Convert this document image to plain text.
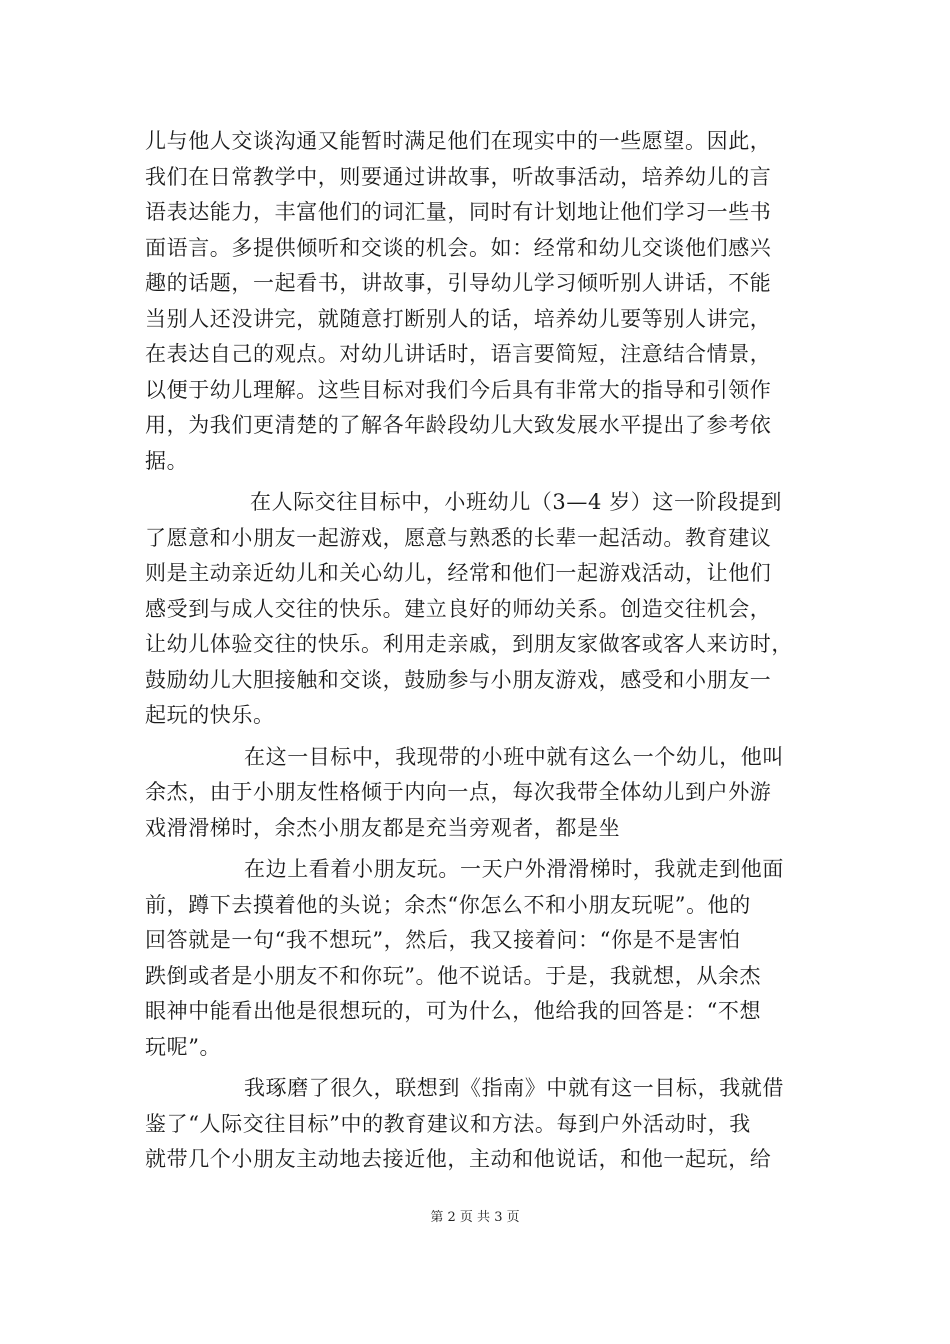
儿与他人交谈沟通又能暂时满足他们在现实中的一些愿望。因此，
我们在日常教学中，则要通过讲故事，听故事活动，培养幼儿的言
语表达能力，丰富他们的词汇量，同时有计划地让他们学习一些书
面语言。多提供倾听和交谈的机会。如：经常和幼儿交谈他们感兴
趣的话题，一起看书，讲故事，引导幼儿学习倾听别人讲话，不能
当别人还没讲完，就随意打断别人的话，培养幼儿要等别人讲完，
在表达自己的观点。对幼儿讲话时，语言要简短，注意结合情景，
以便于幼儿理解。这些目标对我们今后具有非常大的指导和引领作
用，为我们更清楚的了解各年龄段幼儿大致发展水平提出了参考依
据。
在人际交往目标中，小班幼儿（3—4 岁）这一阶段提到
了愿意和小朋友一起游戏，愿意与熟悉的长辈一起活动。教育建议
则是主动亲近幼儿和关心幼儿，经常和他们一起游戏活动，让他们
感受到与成人交往的快乐。建立良好的师幼关系。创造交往机会，
让幼儿体验交往的快乐。利用走亲戚，到朋友家做客或客人来访时，
鼓励幼儿大胆接触和交谈，鼓励参与小朋友游戏，感受和小朋友一
起玩的快乐。
在这一目标中，我现带的小班中就有这么一个幼儿，他叫
余杰，由于小朋友性格倾于内向一点，每次我带全体幼儿到户外游
戏滑滑梯时，余杰小朋友都是充当旁观者，都是坐
在边上看着小朋友玩。一天户外滑滑梯时，我就走到他面
前，蹲下去摸着他的头说；余杰“你怎么不和小朋友玩呢”。他的
回答就是一句“我不想玩”，然后，我又接着问：“你是不是害怕
跌倒或者是小朋友不和你玩”。他不说话。于是，我就想，从余杰
眼神中能看出他是很想玩的，可为什么，他给我的回答是：“不想
玩呢”。
我琢磨了很久，联想到《指南》中就有这一目标，我就借
鉴了“人际交往目标”中的教育建议和方法。每到户外活动时，我
就带几个小朋友主动地去接近他，主动和他说话，和他一起玩，给
第 2 页 共 3 页
